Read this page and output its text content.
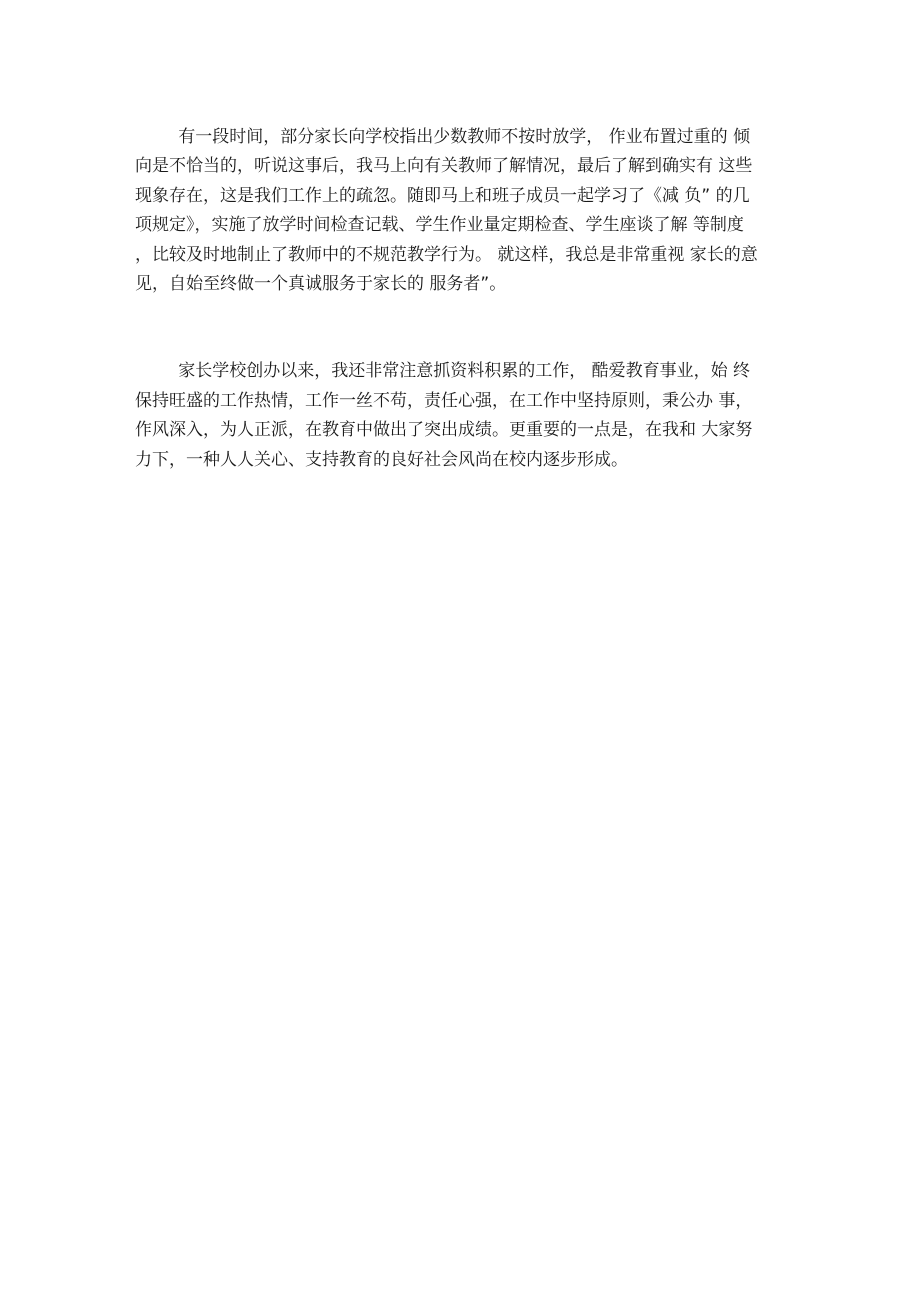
有一段时间，部分家长向学校指出少数教师不按时放学， 作业布置过重的 倾
向是不恰当的，听说这事后，我马上向有关教师了解情况，最后了解到确实有 这些
现象存在，这是我们工作上的疏忽。随即马上和班子成员一起学习了《减 负” 的几
项规定》，实施了放学时间检查记载、学生作业量定期检查、学生座谈了解 等制度
，比较及时地制止了教师中的不规范教学行为。 就这样，我总是非常重视 家长的意
见，自始至终做一个真诚服务于家长的 服务者”。
家长学校创办以来，我还非常注意抓资料积累的工作， 酷爱教育事业，始 终
保持旺盛的工作热情，工作一丝不苟，责任心强，在工作中坚持原则，秉公办 事，
作风深入，为人正派，在教育中做出了突出成绩。更重要的一点是，在我和 大家努
力下，一种人人关心、支持教育的良好社会风尚在校内逐步形成。
